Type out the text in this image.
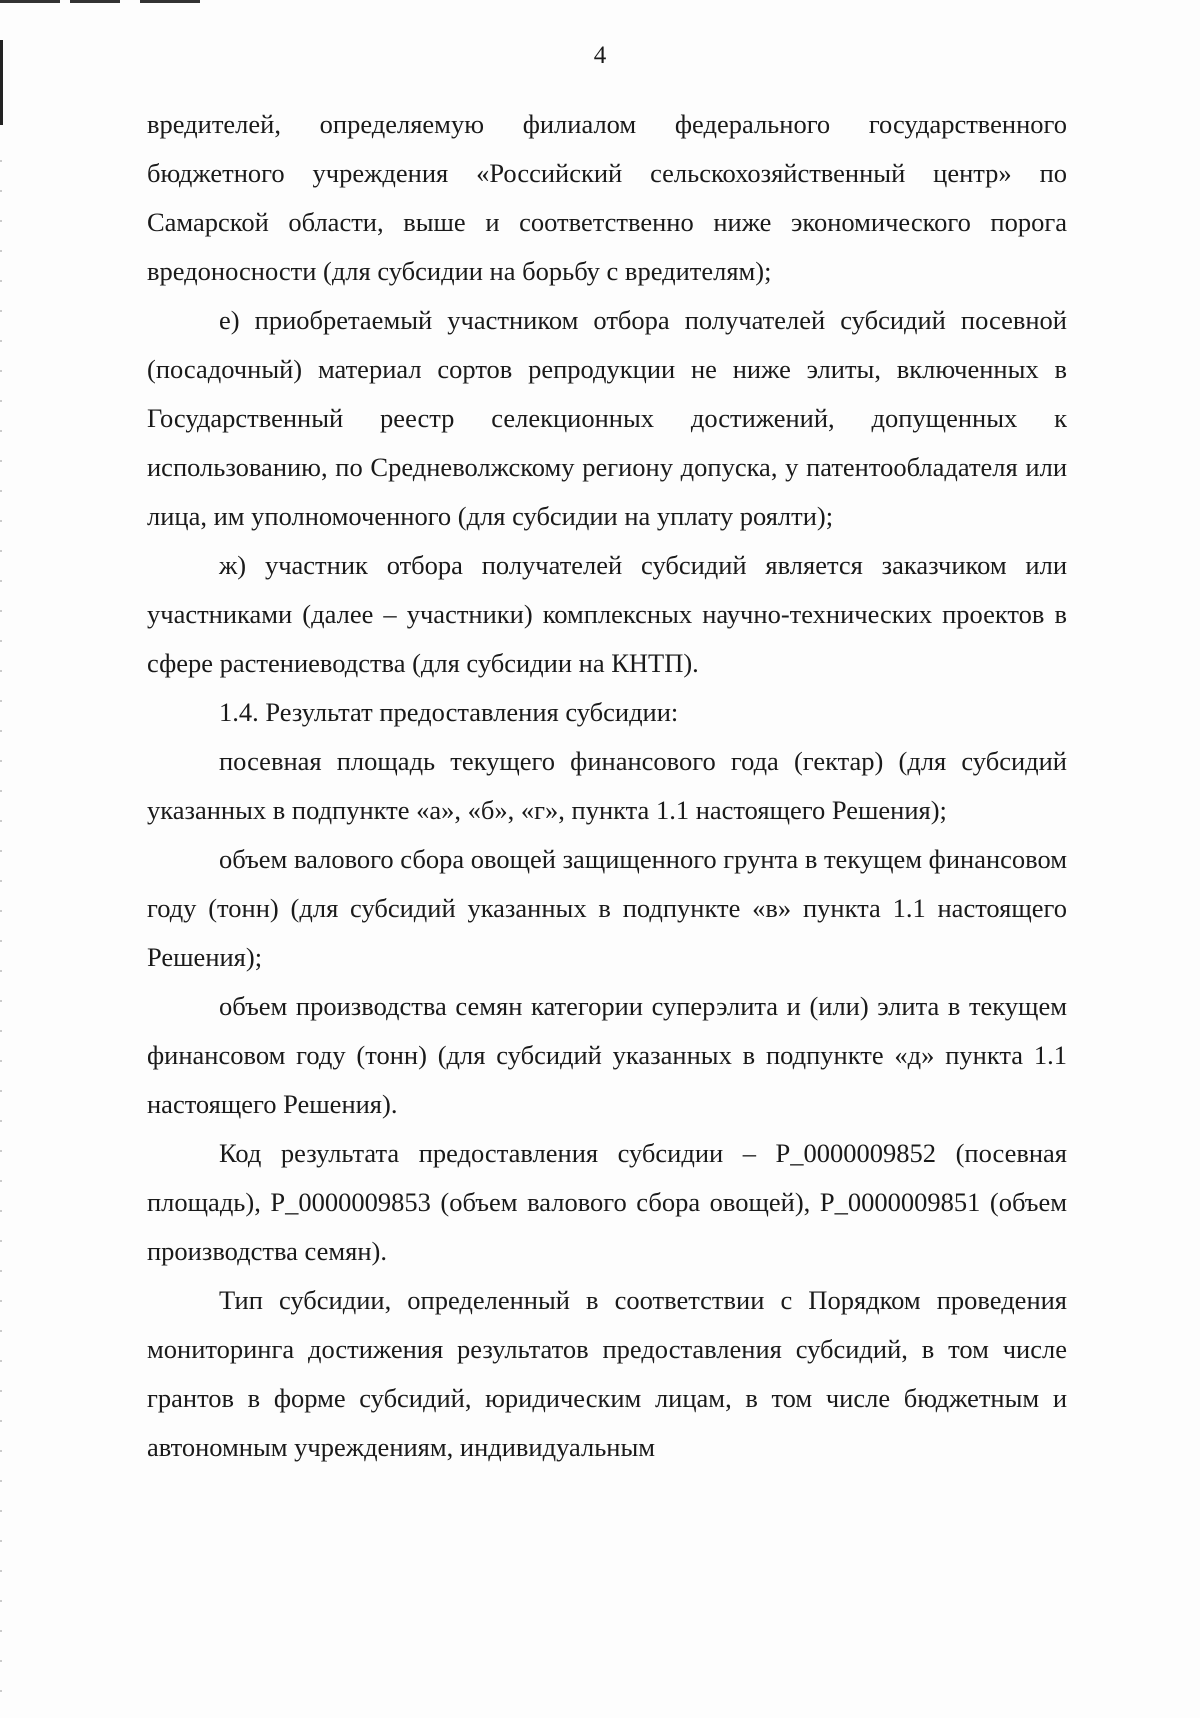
4

вредителей, определяемую филиалом федерального государственного бюджетного учреждения «Российский сельскохозяйственный центр» по Самарской области, выше и соответственно ниже экономического порога вредоносности (для субсидии на борьбу с вредителям);

е) приобретаемый участником отбора получателей субсидий посевной (посадочный) материал сортов репродукции не ниже элиты, включенных в Государственный реестр селекционных достижений, допущенных к использованию, по Средневолжскому региону допуска, у патентообладателя или лица, им уполномоченного (для субсидии на уплату роялти);

ж) участник отбора получателей субсидий является заказчиком или участниками (далее – участники) комплексных научно-технических проектов в сфере растениеводства (для субсидии на КНТП).

1.4. Результат предоставления субсидии:

посевная площадь текущего финансового года (гектар) (для субсидий указанных в подпункте «а», «б», «г», пункта 1.1 настоящего Решения);

объем валового сбора овощей защищенного грунта в текущем финансовом году (тонн) (для субсидий указанных в подпункте «в» пункта 1.1 настоящего Решения);

объем производства семян категории суперэлита и (или) элита в текущем финансовом году (тонн) (для субсидий указанных в подпункте «д» пункта 1.1 настоящего Решения).

Код результата предоставления субсидии – P_0000009852 (посевная площадь), P_0000009853 (объем валового сбора овощей), P_0000009851 (объем производства семян).

Тип субсидии, определенный в соответствии с Порядком проведения мониторинга достижения результатов предоставления субсидий, в том числе грантов в форме субсидий, юридическим лицам, в том числе бюджетным и автономным учреждениям, индивидуальным
